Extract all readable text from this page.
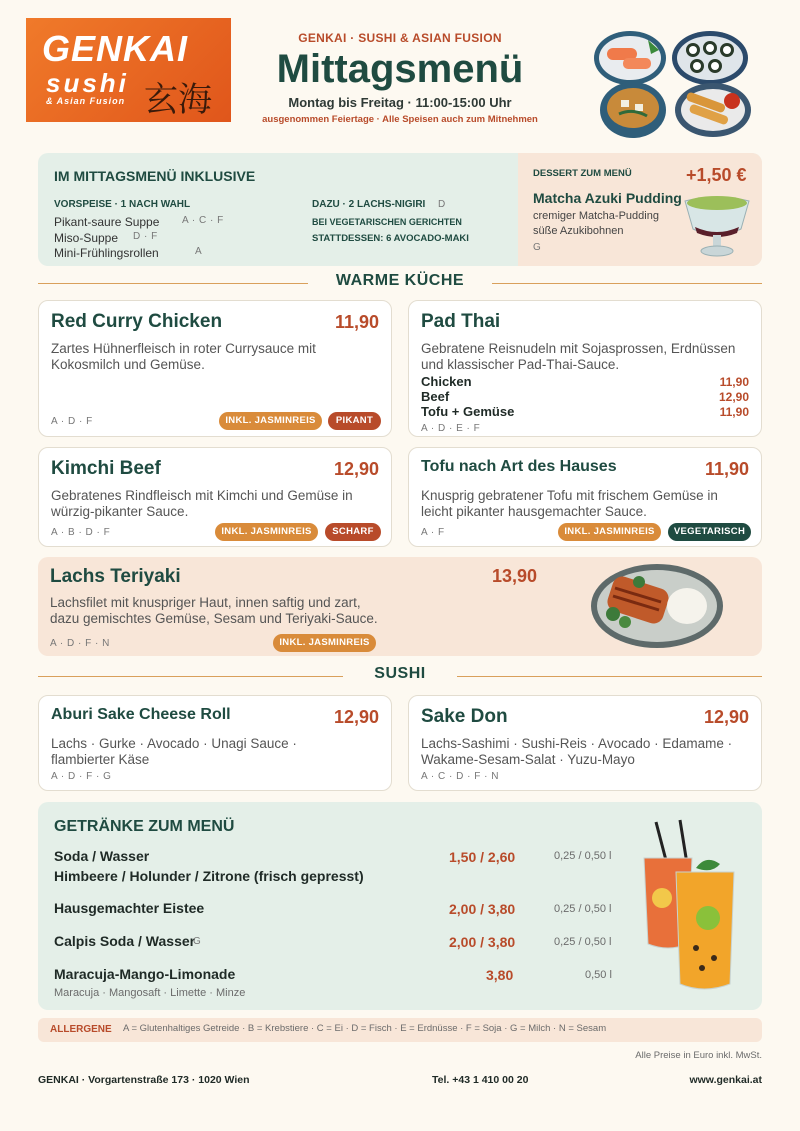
GENKAI
sushi
& Asian Fusion 玄海
GENKAI · SUSHI & ASIAN FUSION
Mittagsmenü
Montag bis Freitag · 11:00-15:00 Uhr
ausgenommen Feiertage · Alle Speisen auch zum Mitnehmen
IM MITTAGSMENÜ INKLUSIVE
VORSPEISE · 1 NACH WAHL
Pikant-saure Suppe A · C · F
Miso-Suppe D · F
Mini-Frühlingsrollen	A
DAZU · 2 LACHS-NIGIRI D
BEI VEGETARISCHEN GERICHTEN
STATTDESSEN: 6 AVOCADO-MAKI
DESSERT ZUM MENÜ	+1,50 €
Matcha Azuki Pudding
cremiger Matcha-Pudding
süße Azukibohnen
G
WARME KÜCHE
Red Curry Chicken	11,90
Zartes Hühnerfleisch in roter Currysauce mit
Kokosmilch und Gemüse.
A · D · F	INKL. JASMINREIS	PIKANT
Pad Thai
Gebratene Reisnudeln mit Sojasprossen, Erdnüssen
und klassischer Pad-Thai-Sauce.
Chicken	11,90
Beef	12,90
Tofu + Gemüse	11,90
A · D · E · F
Kimchi Beef	12,90
Gebratenes Rindfleisch mit Kimchi und Gemüse in
würzig-pikanter Sauce.
A · B · D · F	INKL. JASMINREIS	SCHARF
Tofu nach Art des Hauses	11,90
Knusprig gebratener Tofu mit frischem Gemüse in
leicht pikanter hausgemachter Sauce.
A · F	INKL. JASMINREIS	VEGETARISCH
Lachs Teriyaki	13,90
Lachsfilet mit knuspriger Haut, innen saftig und zart,
dazu gemischtes Gemüse, Sesam und Teriyaki-Sauce.
A · D · F · N	INKL. JASMINREIS
SUSHI
Aburi Sake Cheese Roll	12,90
Lachs · Gurke · Avocado · Unagi Sauce ·
flambierter Käse
A · D · F · G
Sake Don	12,90
Lachs-Sashimi · Sushi-Reis · Avocado · Edamame ·
Wakame-Sesam-Salat · Yuzu-Mayo
A · C · D · F · N
GETRÄNKE ZUM MENÜ
Soda / Wasser
Himbeere / Holunder / Zitrone (frisch gepresst)
1,50 / 2,60	0,25 / 0,50 l
Hausgemachter Eistee	2,00 / 3,80	0,25 / 0,50 l
Calpis Soda / Wasser
G	2,00 / 3,80	0,25 / 0,50 l
Maracuja-Mango-Limonade
Maracuja · Mangosaft · Limette · Minze
3,80	0,50 l
ALLERGENE A = Glutenhaltiges Getreide · B = Krebstiere · C = Ei · D = Fisch · E = Erdnüsse · F = Soja · G = Milch · N = Sesam
Alle Preise in Euro inkl. MwSt.
GENKAI · Vorgartenstraße 173 · 1020 Wien	Tel. +43 1 410 00 20	www.genkai.at
